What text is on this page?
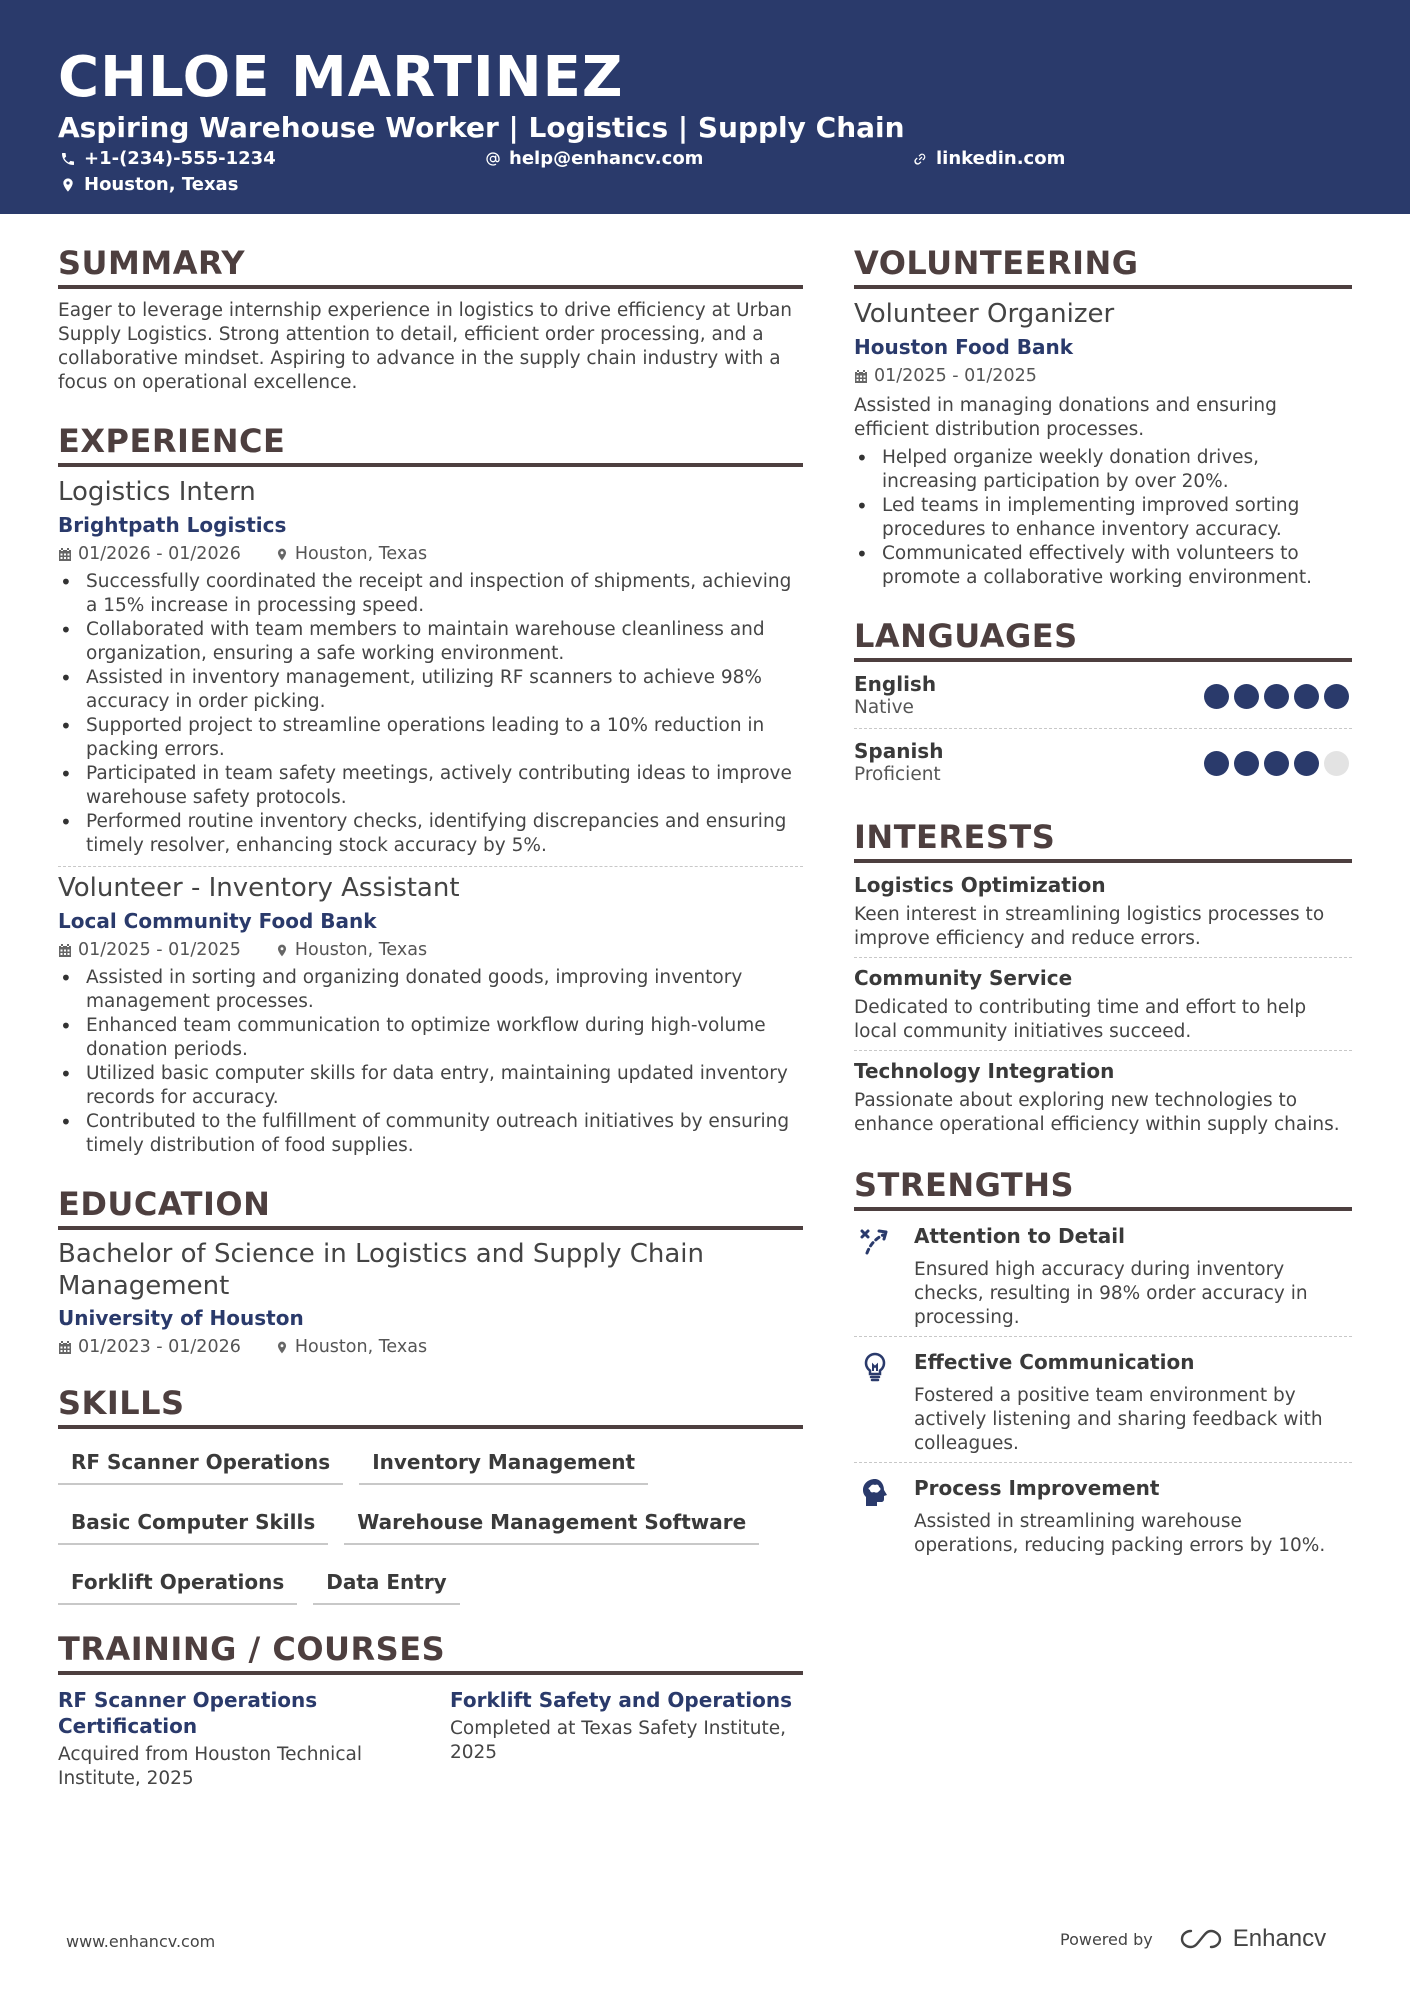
CHLOE MARTINEZ
Aspiring Warehouse Worker | Logistics | Supply Chain
+1-(234)-555-1234	help@enhancv.com	linkedin.com
Houston, Texas
SUMMARY
Eager to leverage internship experience in logistics to drive efficiency at Urban Supply Logistics. Strong attention to detail, efficient order processing, and a collaborative mindset. Aspiring to advance in the supply chain industry with a focus on operational excellence.
EXPERIENCE
Logistics Intern
Brightpath Logistics
01/2026 - 01/2026	Houston, Texas
• Successfully coordinated the receipt and inspection of shipments, achieving a 15% increase in processing speed.
• Collaborated with team members to maintain warehouse cleanliness and organization, ensuring a safe working environment.
• Assisted in inventory management, utilizing RF scanners to achieve 98% accuracy in order picking.
• Supported project to streamline operations leading to a 10% reduction in packing errors.
• Participated in team safety meetings, actively contributing ideas to improve warehouse safety protocols.
• Performed routine inventory checks, identifying discrepancies and ensuring timely resolver, enhancing stock accuracy by 5%.
Volunteer - Inventory Assistant
Local Community Food Bank
01/2025 - 01/2025	Houston, Texas
• Assisted in sorting and organizing donated goods, improving inventory management processes.
• Enhanced team communication to optimize workflow during high-volume donation periods.
• Utilized basic computer skills for data entry, maintaining updated inventory records for accuracy.
• Contributed to the fulfillment of community outreach initiatives by ensuring timely distribution of food supplies.
EDUCATION
Bachelor of Science in Logistics and Supply Chain Management
University of Houston
01/2023 - 01/2026	Houston, Texas
SKILLS
RF Scanner Operations	Inventory Management
Basic Computer Skills	Warehouse Management Software
Forklift Operations	Data Entry
TRAINING / COURSES
RF Scanner Operations Certification
Acquired from Houston Technical Institute, 2025
Forklift Safety and Operations
Completed at Texas Safety Institute, 2025
VOLUNTEERING
Volunteer Organizer
Houston Food Bank
01/2025 - 01/2025
Assisted in managing donations and ensuring efficient distribution processes.
• Helped organize weekly donation drives, increasing participation by over 20%.
• Led teams in implementing improved sorting procedures to enhance inventory accuracy.
• Communicated effectively with volunteers to promote a collaborative working environment.
LANGUAGES
English
Native
Spanish
Proficient
INTERESTS
Logistics Optimization
Keen interest in streamlining logistics processes to improve efficiency and reduce errors.
Community Service
Dedicated to contributing time and effort to help local community initiatives succeed.
Technology Integration
Passionate about exploring new technologies to enhance operational efficiency within supply chains.
STRENGTHS
Attention to Detail
Ensured high accuracy during inventory checks, resulting in 98% order accuracy in processing.
Effective Communication
Fostered a positive team environment by actively listening and sharing feedback with colleagues.
Process Improvement
Assisted in streamlining warehouse operations, reducing packing errors by 10%.
www.enhancv.com	Powered by	Enhancv
